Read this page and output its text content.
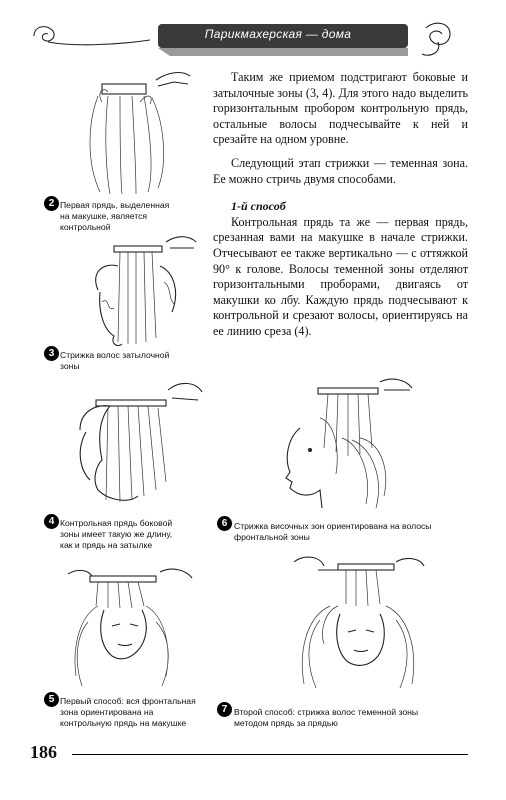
Парикмахерская — дома

Таким же приемом подстригают боковые и затылочные зоны (3, 4). Для этого надо выделить горизонтальным пробором контрольную прядь, остальные волосы подчесывайте к ней и срезайте на одном уровне.

Следующий этап стрижки — теменная зона. Ее можно стричь двумя способами.

1-й способ

Контрольная прядь та же — первая прядь, срезанная вами на макушке в начале стрижки. Отчесывают ее также вертикально — с оттяжкой 90° к голове. Волосы теменной зоны отделяют горизонтальными проборами, двигаясь от макушки ко лбу. Каждую прядь подчесывают к контрольной и срезают волосы, ориентируясь на ее линию среза (4).

2 Первая прядь, выделенная
на макушке, является
контрольной
3 Стрижка волос затылочной
зоны
4 Контрольная прядь боковой
зоны имеет такую же длину,
как и прядь на затылке
6 Стрижка височных зон ориентирована на волосы
фронтальной зоны
5 Первый способ: вся фронтальная
зона ориентирована на
контрольную прядь на макушке
7 Второй способ: стрижка волос теменной зоны
методом прядь за прядью
186
